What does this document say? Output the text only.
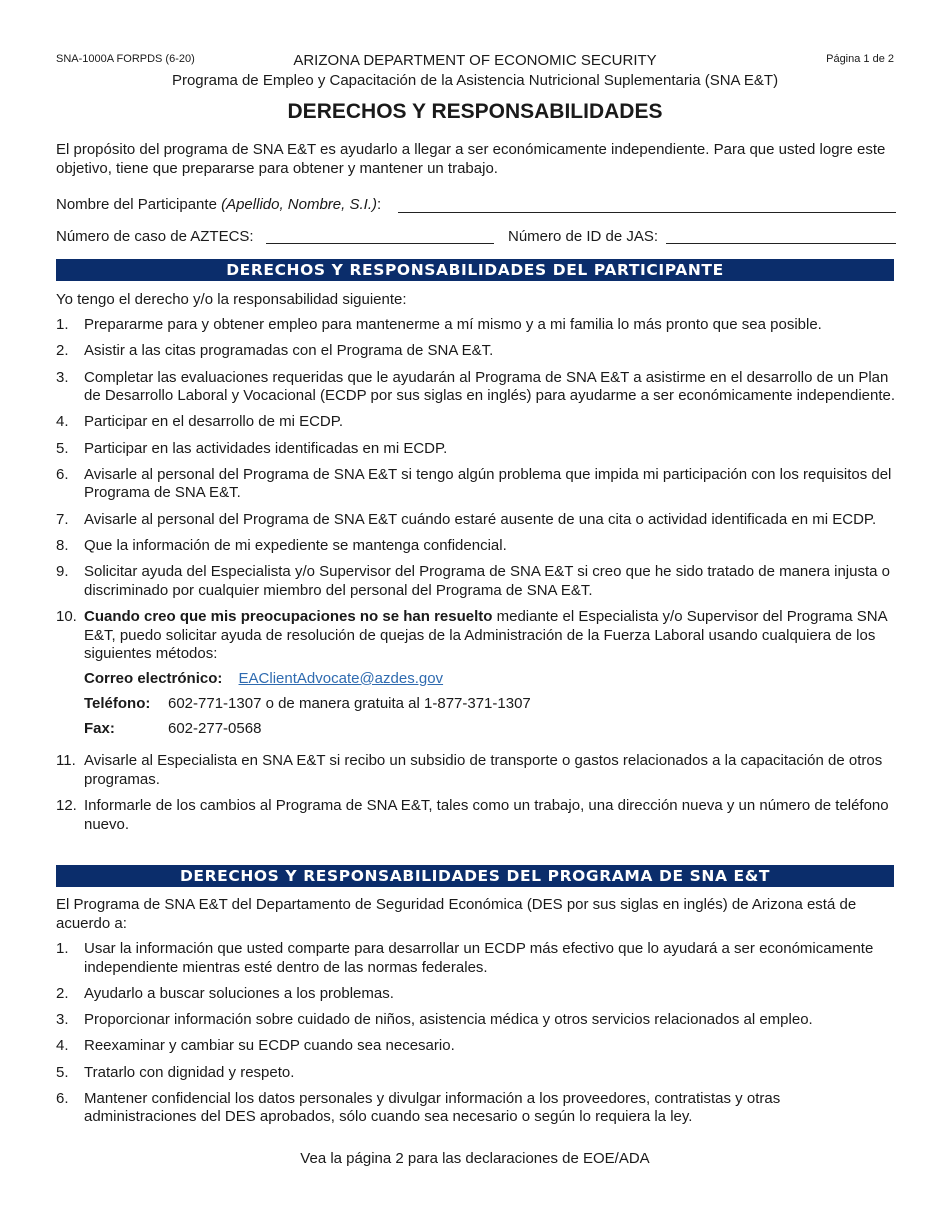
SNA-1000A FORPDS (6-20)	ARIZONA DEPARTMENT OF ECONOMIC SECURITY	Página 1 de 2
Programa de Empleo y Capacitación de la Asistencia Nutricional Suplementaria (SNA E&T)
DERECHOS Y RESPONSABILIDADES
El propósito del programa de SNA E&T es ayudarlo a llegar a ser económicamente independiente. Para que usted logre este objetivo, tiene que prepararse para obtener y mantener un trabajo.
Nombre del Participante (Apellido, Nombre, S.I.):
Número de caso de AZTECS:	Número de ID de JAS:
DERECHOS Y RESPONSABILIDADES DEL PARTICIPANTE
Yo tengo el derecho y/o la responsabilidad siguiente:
1. Prepararme para y obtener empleo para mantenerme a mí mismo y a mi familia lo más pronto que sea posible.
2. Asistir a las citas programadas con el Programa de SNA E&T.
3. Completar las evaluaciones requeridas que le ayudarán al Programa de SNA E&T a asistirme en el desarrollo de un Plan de Desarrollo Laboral y Vocacional (ECDP por sus siglas en inglés) para ayudarme a ser económicamente independiente.
4. Participar en el desarrollo de mi ECDP.
5. Participar en las actividades identificadas en mi ECDP.
6. Avisarle al personal del Programa de SNA E&T si tengo algún problema que impida mi participación con los requisitos del Programa de SNA E&T.
7. Avisarle al personal del Programa de SNA E&T cuándo estaré ausente de una cita o actividad identificada en mi ECDP.
8. Que la información de mi expediente se mantenga confidencial.
9. Solicitar ayuda del Especialista y/o Supervisor del Programa de SNA E&T si creo que he sido tratado de manera injusta o discriminado por cualquier miembro del personal del Programa de SNA E&T.
10. Cuando creo que mis preocupaciones no se han resuelto mediante el Especialista y/o Supervisor del Programa SNA E&T, puedo solicitar ayuda de resolución de quejas de la Administración de la Fuerza Laboral usando cualquiera de los siguientes métodos:
Correo electrónico: EAClientAdvocate@azdes.gov
Teléfono: 602-771-1307 o de manera gratuita al 1-877-371-1307
Fax:	602-277-0568
11. Avisarle al Especialista en SNA E&T si recibo un subsidio de transporte o gastos relacionados a la capacitación de otros programas.
12. Informarle de los cambios al Programa de SNA E&T, tales como un trabajo, una dirección nueva y un número de teléfono nuevo.
DERECHOS Y RESPONSABILIDADES DEL PROGRAMA DE SNA E&T
El Programa de SNA E&T del Departamento de Seguridad Económica (DES por sus siglas en inglés) de Arizona está de acuerdo a:
1. Usar la información que usted comparte para desarrollar un ECDP más efectivo que lo ayudará a ser económicamente independiente mientras esté dentro de las normas federales.
2. Ayudarlo a buscar soluciones a los problemas.
3. Proporcionar información sobre cuidado de niños, asistencia médica y otros servicios relacionados al empleo.
4. Reexaminar y cambiar su ECDP cuando sea necesario.
5. Tratarlo con dignidad y respeto.
6. Mantener confidencial los datos personales y divulgar información a los proveedores, contratistas y otras administraciones del DES aprobados, sólo cuando sea necesario o según lo requiera la ley.
Vea la página 2 para las declaraciones de EOE/ADA
